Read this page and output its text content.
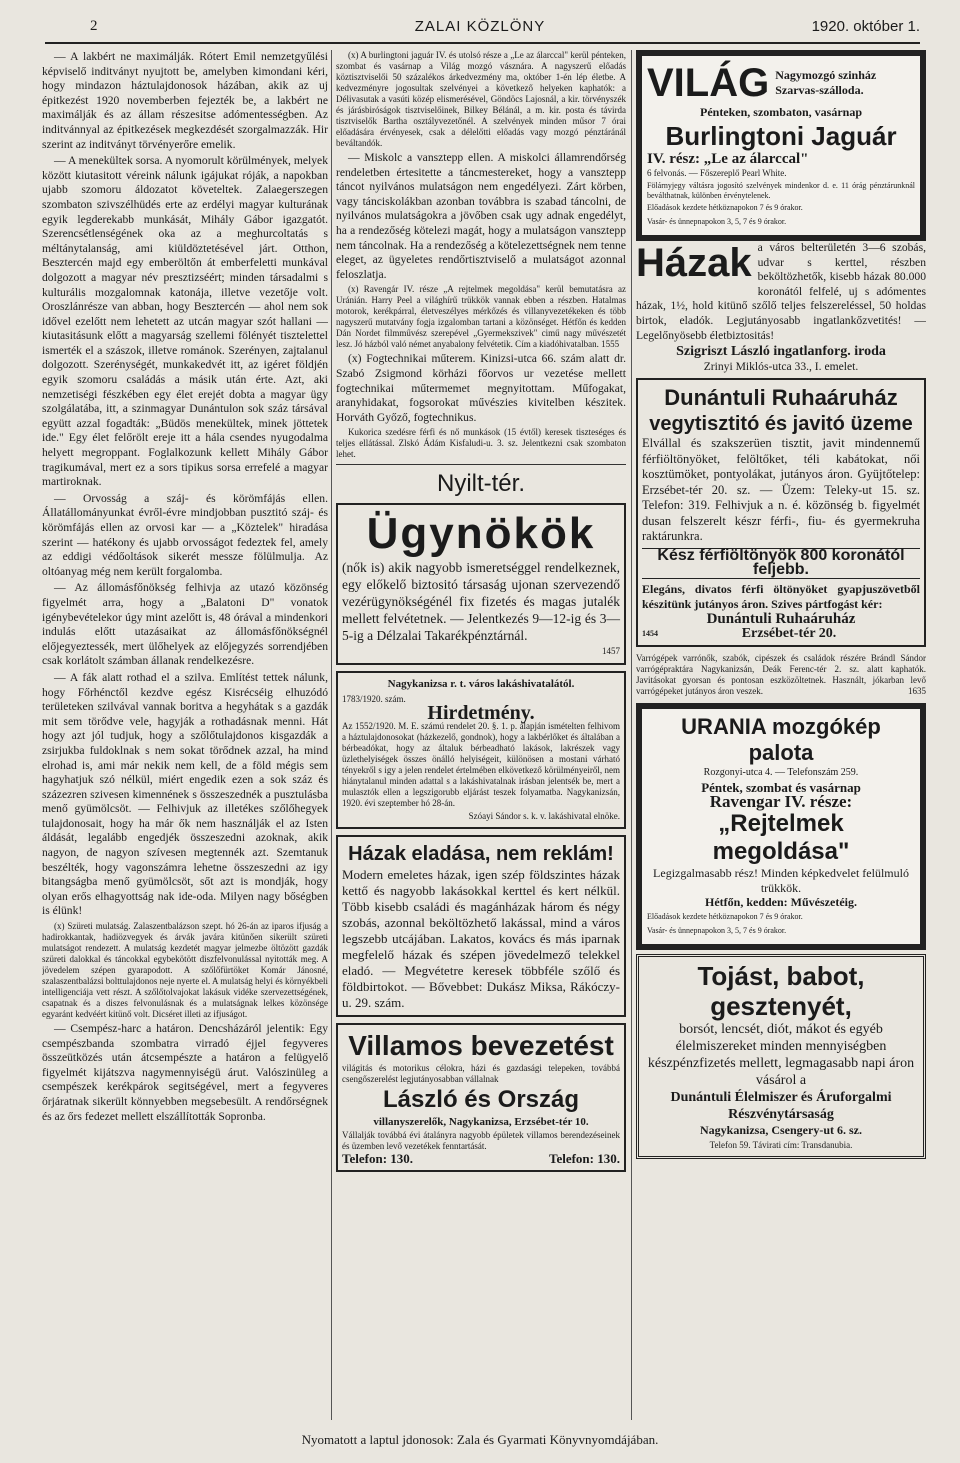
2	ZALAI KÖZLÖNY	1920. október 1.

— A lakbért ne maximálják. Rótert Emil nemzetgyűlési képviselő inditványt nyujtott be, amelyben kimondani kéri, hogy mindazon háztulajdonosok házában, akik az uj épitkezést 1920 novemberben fejezték be, a lakbért ne maximálják és az állam részesitse adómentességben. Az inditvánnyal az épitkezések megkezdését szorgalmazzák. Hir szerint az inditványt törvényerőre emelik.

— A menekültek sorsa. A nyomorult körülmények, melyek között kiutasitott véreink nálunk igájukat róják, a napokban ujabb szomoru áldozatot követeltek. Zalaegerszegen szombaton szivszélhüdés erte az erdélyi magyar kulturának egyik legderekabb munkását, Mihály Gábor igazgatót. Szerencsétlenségének oka az a meghurcoltatás s méltánytalanság, ami kiüldöztetésével járt. Otthon, Besztercén majd egy emberöltőn át emberfeletti munkával dolgozott a magyar név presztizséért; minden társadalmi s kulturális mozgalomnak katonája, illetve vezetője volt. Oroszlánrésze van abban, hogy Besztercén — ahol nem sok idővel ezelőtt nem lehetett az utcán magyar szót hallani — kiutasitásunk előtt a magyarság szellemi fölényét tisztelettel ismerték el a szászok, illetve románok. Szerényen, zajtalanul dolgozott. Szerénységét, munkakedvét itt, az igéret földjén egyik szomoru családás a másik után érte. Azt, aki nemzetiségi fészkében egy élet erejét dobta a magyar ügy szolgálatába, itt, a szinmagyar Dunántulon sok száz társával együtt azzal fogadták: „Büdös menekültek, minek jöttetek ide." Egy élet felőrölt ereje itt a hála csendes nyugodalma helyett megroppant. Foglalkozunk kellett Mihály Gábor tragikumával, mert ez a sors tipikus sorsa errefelé a magyar martiroknak.

— Orvosság a száj- és körömfájás ellen. Állatállományunkat évről-évre mindjobban pusztitó száj- és körömfájás ellen az orvosi kar — a „Köztelek" hiradása szerint — hatékony és ujabb orvosságot fedeztek fel, amely az eddigi védőoltások sikerét messze fölülmulja. Az oltóanyag még nem került forgalomba.

— Az állomásfőnökség felhivja az utazó közönség figyelmét arra, hogy a „Balatoni D" vonatok igénybevételekor úgy mint azelőtt is, 48 órával a mindenkori indulás előtt utazásaikat az állomásfőnökségnél előjegyeztessék, mert ülőhelyek az előjegyzés sorrendjében csak korlátolt számban állanak rendelkezésre.

— A fák alatt rothad el a szilva. Említést tettek nálunk, hogy Főrhénctől kezdve egész Kisrécséig elhuzódó területeken szilvával vannak boritva a hegyhátak s a gazdák mit sem törődve vele, hagyják a rothadásnak menni. Hát hogy azt jól tudjuk, hogy a szőlőtulajdonos kisgazdák a zsirjukba fuldoklnak s nem sokat törődnek azzal, ha mind elrohad is, ami már nekik nem kell, de a föld mégis sem hagyhatjuk szó nélkül, miért engedik ezen a sok száz és százezren szivesen kimennének s összeszednék a pusztulásba menő gyümölcsöt. — Felhivjuk az illetékes szőlőhegyek tulajdonosait, hogy ha már ők nem használják el az Isten áldását, legalább engedjék összeszedni azoknak, akik nagyon, de nagyon szívesen megtennék azt. Szemtanuk beszélték, hogy vagonszámra lehetne összeszedni az igy bitangságba menő gyümölcsöt, sőt azt is mondják, hogy olyan erős elhagyottság nak ide-oda. Milyen nagy bőségben is élünk!

(x) Szüreti mulatság. Zalaszentbalázson szept. hó 26-án az iparos ifjuság a hadirokkantak, hadiözvegyek és árvák javára kitünően sikerült szüreti mulatságot rendezett. A mulatság kezdetét magyar jelmezbe öltözött gazdák szüreti dalokkal és táncokkal egybekötött diszfelvonulással nyitották meg. A jövedelem szépen gyarapodott. A szőlőfürtöket Komár Jánosné, szalaszentbalázsi bolttulajdonos neje nyerte el. A mulatság helyi és környékbeli intelligenciája vett részt. A szőlőtolvajokat lakásuk vidéke szervezettségének, csapatnak és a diszes felvonulásnak és a mulatságnak lelkes közönsége egyaránt kedvéért kitünő volt. Dicséret illeti az ifjuságot.

— Csempész-harc a határon. Dencsházáról jelentik: Egy csempészbanda szombatra virradó éjjel fegyveres összeütközés után átcsempészte a határon a felügyelő figyelmét kijátszva nagymennyiségü árut. Valószinüleg a csempészek kerékpárok segitségével, mert a fegyveres őrjáratnak sikerült könnyebben megsebesült. A rendőrségnek és az őrs fedezet mellett elszállították Sopronba.

(x) A burlingtoni jaguár IV. és utolsó része a „Le az álarccal" kerül pénteken, szombat és vasárnap a Világ mozgó vásznára. A nagyszerű előadás köztisztviselői 50 százalékos árkedvezmény ma, október 1-én lép életbe. A kedvezményre jogosultak szelvényei a következő helyeken kaphatók: a Délivasutak a vasúti közép elismerésével, Göndöcs Lajosnál, a kir. törvényszék és járásbiróságok tisztviselőinek, Bilkey Bélánál, a m. kir. posta és távirda tisztviselők Bartha osztályvezetőnél. A szelvények minden műsor 7 órai előadására érvényesek, csak a délelőtti előadás vagy mozgó pénztáránál beváltandók.

— Miskolc a vansztepp ellen. A miskolci államrendőrség rendeletben értesitette a táncmestereket, hogy a vansztepp táncot nyilvános mulatságon nem engedélyezi. Zárt körben, vagy tánciskolákban azonban továbbra is szabad táncolni, de nyilvános mulatságokra a jövőben csak ugy adnak engedélyt, ha a rendezőség kötelezi magát, hogy a mulatságon vansztepp nem táncolnak. Ha a rendezőség a kötelezettségnek nem tenne eleget, az ügyeletes rendőrtisztviselő a mulatságot azonnal feloszlatja.

(x) Ravengár IV. része „A rejtelmek megoldása" kerül bemutatásra az Uránián. Harry Peel a világhírű trükkök vannak ebben a részben. Hatalmas motorok, kerékpárral, életveszélyes mérkőzés és villanyvezetékeken és több nagyszerű mutatvány fogja izgalomban tartani a közönséget. Hétfőn és kedden Dán Nordet filmművész szerepével „Gyermekszivek" cimű nagy művészetét lesz. Jó házból való német anyabalony felvétetik. Cím a kiadóhivatalban. 1555

(x) Fogtechnikai műterem. Kinizsi-utca 66. szám alatt dr. Szabó Zsigmond körházi főorvos ur vezetése mellett fogtechnikai műtermemet megnyitottam. Műfogakat, aranyhidakat, fogsorokat művészies kivitelben készitek. Horváth Győző, fogtechnikus.

Kukorica szedésre férfi és nő munkások (15 évtől) keresek tiszteséges és teljes ellátással. Zlskó Ádám Kisfaludi-u. 3. sz. Jelentkezni csak szombaton lehet.

Nyilt-tér.
Ügynökök
(nők is) akik nagyobb ismeretséggel rendelkeznek, egy előkelő biztositó társaság ujonan szervezendő vezérügynökségénél fix fizetés és magas jutalék mellett felvétetnek. — Jelentkezés 9—12-ig és 3—5-ig a Délzalai Takarékpénztárnál.
1457
Nagykanizsa r. t. város lakáshivatalától.
1783/1920. szám.
Hirdetmény.
Az 1552/1920. M. E. számú rendelet 20. §. 1. p. alapján ismételten felhivom a háztulajdonosokat (házkezelő, gondnok), hogy a lakbérlőket és általában a bérbeadókat, hogy az általuk bérbeadható lakások, lakrészek vagy üzlethelyiségek összes önálló helyiségeit, különösen a mostani várható tényekről s igy a jelen rendelet értelmében elkövetkező körülményeiről, nem hiánytalanul minden adattal s a lakáshivatalnak irásban jelentsék be, mert a mulasztók ellen a legszigorubb eljárást teszek folyamatba. Nagykanizsán, 1920. évi szeptember hó 28-án.
Szóayi Sándor s. k. v. lakáshivatal elnöke.
Házak eladása, nem reklám!
Modern emeletes házak, igen szép földszintes házak kettő és nagyobb lakásokkal kerttel és kert nélkül. Több kisebb családi és magánházak három és négy szobás, azonnal beköltözhető lakással, mind a város legszebb utcájában. Lakatos, kovács és más iparnak megfelelő házak és szépen jövedelmező telekkel eladó. — Megvétetre keresek többféle szőlő és földbirtokot. — Bővebbet: Dukász Miksa, Rákóczy-u. 29. szám.
Villamos bevezetést
világitás és motorikus célokra, házi és gazdasági telepeken, továbbá csengőszerelést legjutányosabban vállalnak
László és Ország
villanyszerelők, Nagykanizsa, Erzsébet-tér 10.
Vállalják továbbá évi átalányra nagyobb épületek villamos berendezéseinek és üzemben levő vezetékek fenntartását.
Telefon: 130.	Telefon: 130.
VILÁG Nagymozgó szinház
Szarvas-szálloda.
Pénteken, szombaton, vasárnap
Burlingtoni Jaguár
IV. rész: „Le az álarccal"
6 felvonás. — Főszereplő Pearl White.
Fölárnyjegy váltásra jogosító szelvények mindenkor d. e. 11 órág pénztárunknál beválthatnak, különben érvénytelenek.
Előadások kezdete hétköznapokon 7 és 9 órakor.
Vasár- és ünnepnapokon 3, 5, 7 és 9 órakor.
Házak a város belterületén 3—6 szobás, udvar s kerttel, részben beköltözhetők, kisebb házak 80.000 koronától felfelé, uj s adómentes házak, 1½, hold kitünő szőlő teljes felszereléssel, 50 holdas birtok, eladók. Legjutányosabb ingatlankőzvetités! — Legelőnyösebb életbiztositás!

Szigriszt László ingatlanforg. iroda
Zrinyi Miklós-utca 33., I. emelet.
Dunántuli Ruhaáruház
vegytisztitó és javitó üzeme
Elvállal és szakszerüen tisztit, javit mindennemű férfiöltönyöket, felöltőket, téli kabátokat, női kosztümöket, pontyolákat, jutányos áron. Gyüjtőtelep: Erzsébet-tér 20. sz. — Üzem: Teleky-ut 15. sz. Telefon: 319. Felhivjuk a n. é. közönség b. figyelmét dusan felszerelt készr férfi-, fiu- és gyermekruha raktárunkra.
Kész férfiöltönyök 800 koronától feljebb.
Elegáns, divatos férfi öltönyöket gyapjuszövetből készitünk jutányos áron. Szives pártfogást kér:
Dunántuli Ruhaáruház
1454	Erzsébet-tér 20.
Varrógépek varrónők, szabók, cipészek és családok részére Brándl Sándor varrógépraktára Nagykanizsán, Deák Ferenc-tér 2. sz. alatt kaphatók. Javitásokat gyorsan és pontosan eszközöltetnek. Használt, jókarban levő varrógépeket jutányos áron veszek.	1635
URANIA mozgókép palota
Rozgonyi-utca 4. — Telefonszám 259.
Péntek, szombat és vasárnap
Ravengar IV. része:
„Rejtelmek megoldása"
Legizgalmasabb rész! Minden képkedvelet felülmuló trükkök.
Hétfőn, kedden: Művészetéig.
Előadások kezdete hétköznapokon 7 és 9 órakor.
Vasár- és ünnepnapokon 3, 5, 7 és 9 órakor.
Tojást, babot,
gesztenyét,
borsót, lencsét, diót, mákot és egyéb élelmiszereket minden mennyiségben készpénzfizetés mellett, legmagasabb napi áron vásárol a
Dunántuli Élelmiszer és Áruforgalmi Részvénytársaság
Nagykanizsa, Csengery-ut 6. sz.
Telefon 59. Távirati cím: Transdanubia.
Nyomatott a laptul jdonosok: Zala és Gyarmati Könyvnyomdájában.
